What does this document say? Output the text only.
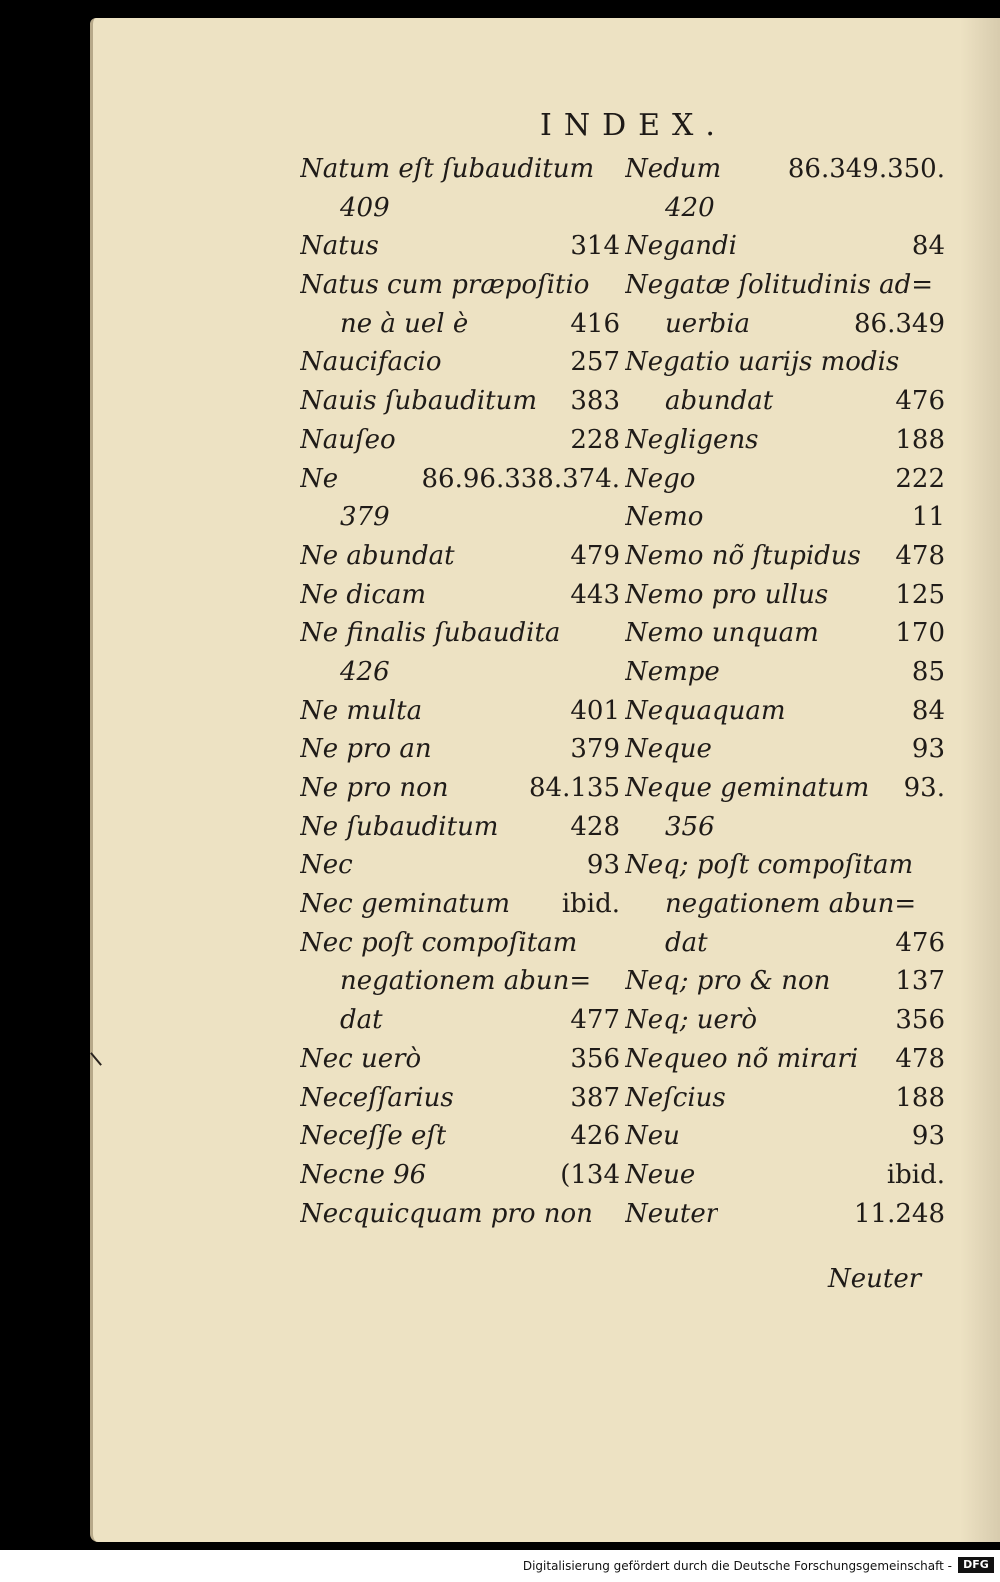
INDEX.
Natum eſt ſubauditum
409
Natus	314
Natus cum præpoſitio
ne à uel è	416
Naucifacio	257
Nauis ſubauditum 383
Nauſeo	228
Ne	86.96.338.374.
379
Ne abundat	479
Ne dicam	443
Ne finalis ſubaudita
426
Ne multa	401
Ne pro an	379
Ne pro non	84.135
Ne ſubauditum	428
Nec	93
Nec geminatum ibid.
Nec poſt compoſitam
negationem abun=
dat	477
Nec uerò	356
Neceſſarius	387
Neceſſe eſt	426
Necne 96	(134
Necquicquam pro non
Nedum	86.349.350.
420
Negandi	84
Negatæ ſolitudinis ad=
uerbia	86.349
Negatio uarijs modis
abundat	476
Negligens	188
Nego	222
Nemo	11
Nemo nõ ſtupidus 478
Nemo pro ullus	125
Nemo unquam	170
Nempe	85
Nequaquam	84
Neque	93
Neque geminatum 93.
356
Neq; poſt compoſitam
negationem abun=
dat	476
Neq; pro & non	137
Neq; uerò	356
Nequeo nõ mirari 478
Neſcius	188
Neu	93
Neue	ibid.
Neuter	11.248
Neuter
Digitalisierung gefördert durch die Deutsche Forschungsgemeinschaft -	DFG
